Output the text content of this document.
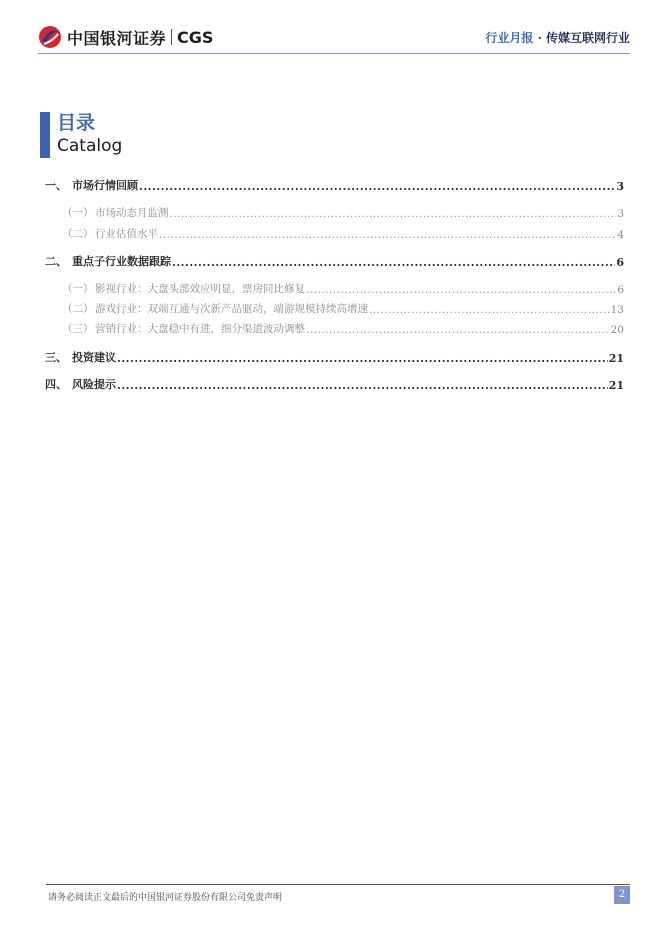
中国银河证券 CGS	行业月报 · 传媒互联网行业
目录
Catalog
一、 市场行情回顾 .....	3
（一） 市场动态月监测 .....	3
（二） 行业估值水平 .....	4
二、 重点子行业数据跟踪 .....	6
（一） 影视行业：大盘头部效应明显，票房同比修复 .....	6
（二） 游戏行业：双端互通与次新产品驱动，端游规模持续高增速 .....	13
（三） 营销行业：大盘稳中有进，细分渠道波动调整 .....	20
三、 投资建议 .....	21
四、 风险提示 .....	21
请务必阅读正文最后的中国银河证券股份有限公司免责声明	2
